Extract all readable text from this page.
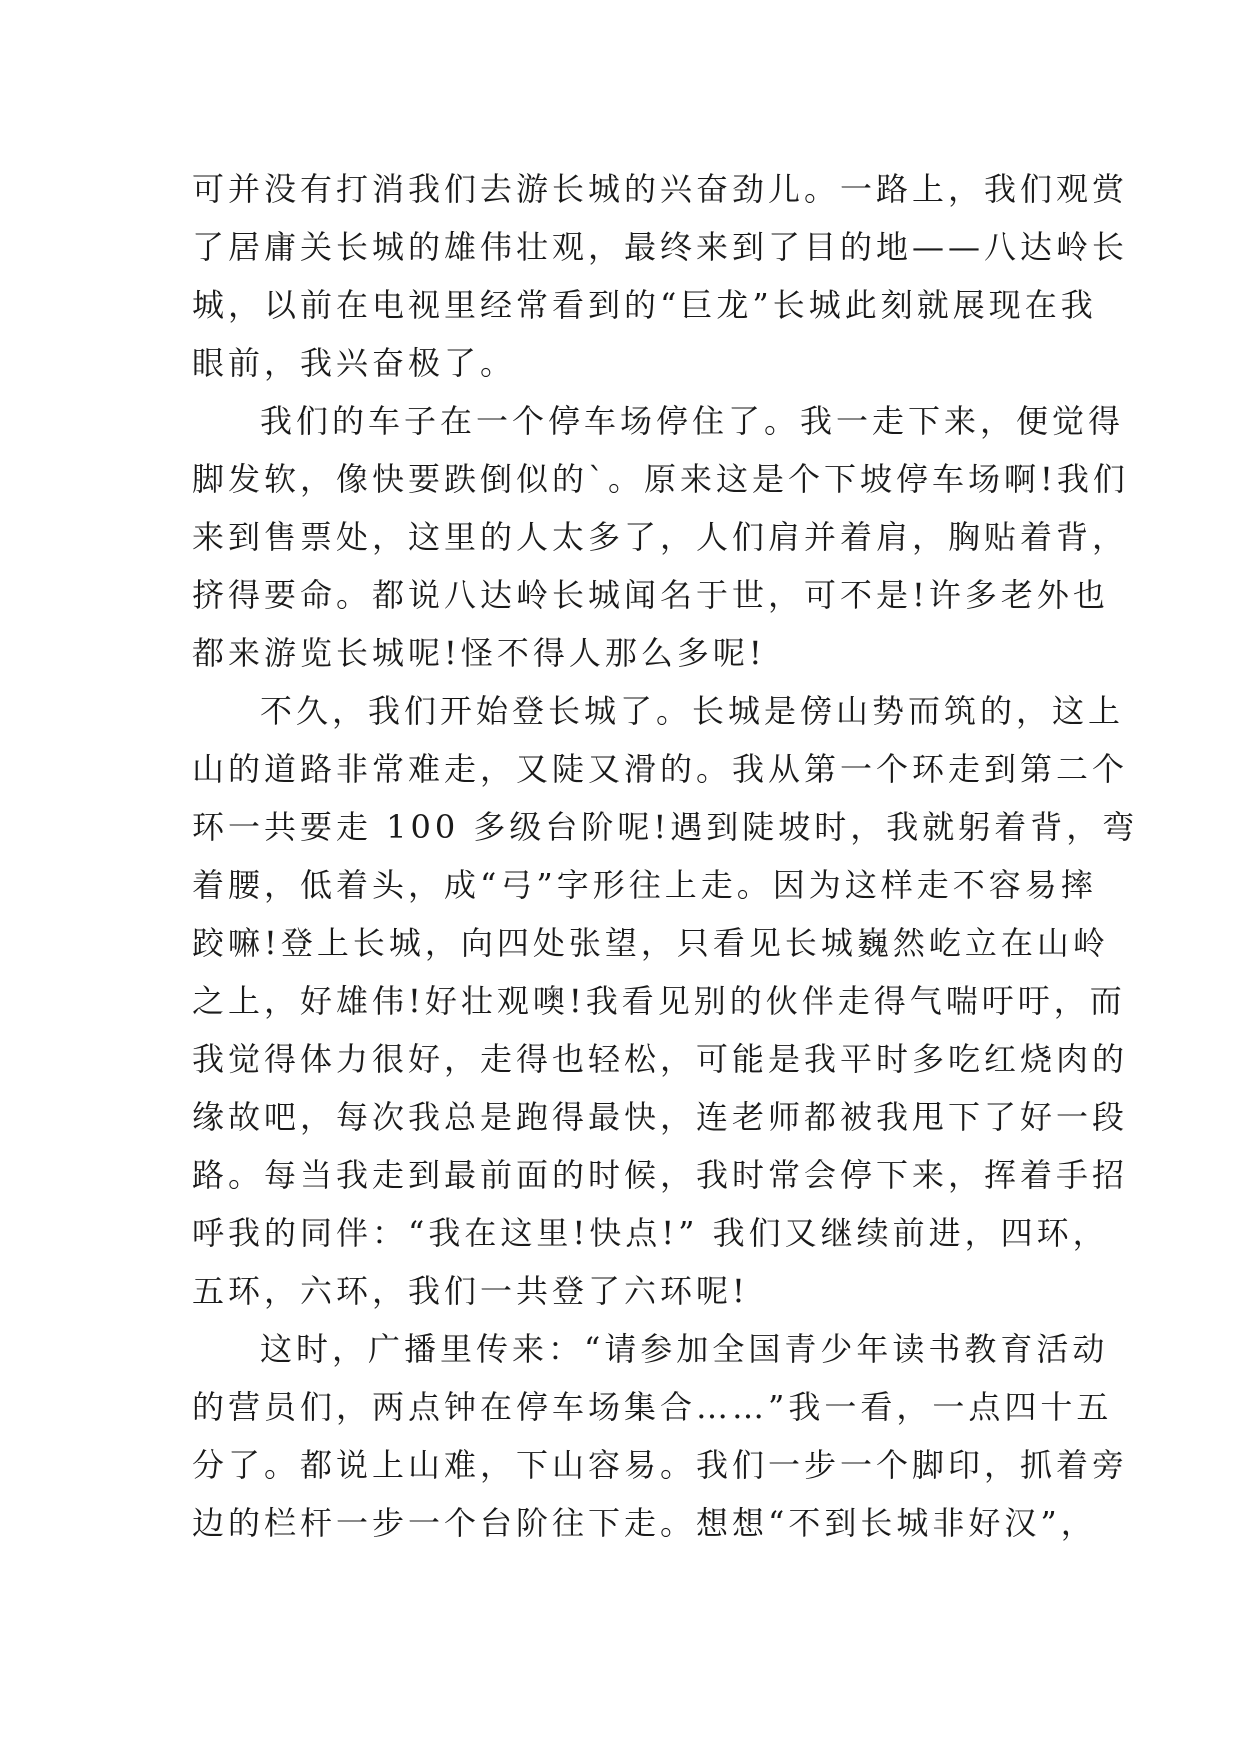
可并没有打消我们去游长城的兴奋劲儿。一路上，我们观赏
了居庸关长城的雄伟壮观，最终来到了目的地——八达岭长
城，以前在电视里经常看到的“巨龙”长城此刻就展现在我
眼前，我兴奋极了。
我们的车子在一个停车场停住了。我一走下来，便觉得
脚发软，像快要跌倒似的`。原来这是个下坡停车场啊!我们
来到售票处，这里的人太多了，人们肩并着肩，胸贴着背，
挤得要命。都说八达岭长城闻名于世，可不是!许多老外也
都来游览长城呢!怪不得人那么多呢!
不久，我们开始登长城了。长城是傍山势而筑的，这上
山的道路非常难走，又陡又滑的。我从第一个环走到第二个
环一共要走 100 多级台阶呢!遇到陡坡时，我就躬着背，弯
着腰，低着头，成“弓”字形往上走。因为这样走不容易摔
跤嘛!登上长城，向四处张望，只看见长城巍然屹立在山岭
之上，好雄伟!好壮观噢!我看见别的伙伴走得气喘吁吁，而
我觉得体力很好，走得也轻松，可能是我平时多吃红烧肉的
缘故吧，每次我总是跑得最快，连老师都被我甩下了好一段
路。每当我走到最前面的时候，我时常会停下来，挥着手招
呼我的同伴：“我在这里!快点!” 我们又继续前进，四环，
五环，六环，我们一共登了六环呢!
这时，广播里传来：“请参加全国青少年读书教育活动
的营员们，两点钟在停车场集合……”我一看，一点四十五
分了。都说上山难，下山容易。我们一步一个脚印，抓着旁
边的栏杆一步一个台阶往下走。想想“不到长城非好汉”，
